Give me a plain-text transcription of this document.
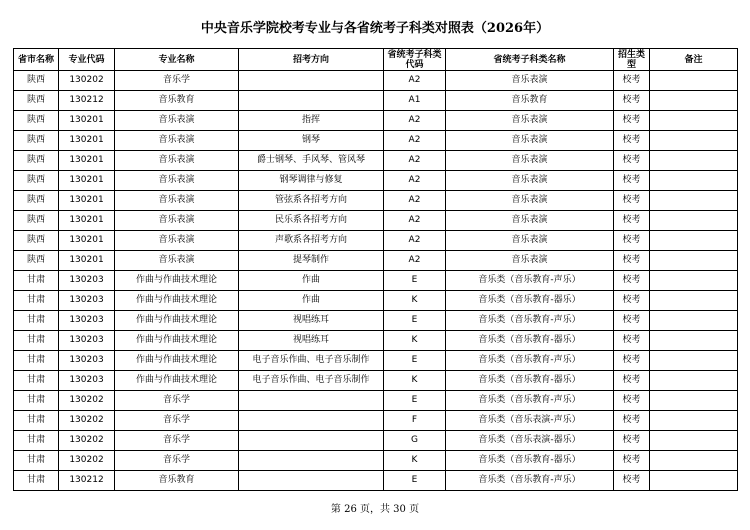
中央音乐学院校考专业与各省统考子科类对照表（2026年）
省市名称	专业代码	专业名称	招考方向	省统考子科类代码	省统考子科类名称	招生类型	备注
陕西	130202	音乐学		A2	音乐表演	校考	
陕西	130212	音乐教育		A1	音乐教育	校考	
陕西	130201	音乐表演	指挥	A2	音乐表演	校考	
陕西	130201	音乐表演	钢琴	A2	音乐表演	校考	
陕西	130201	音乐表演	爵士钢琴、手风琴、管风琴	A2	音乐表演	校考	
陕西	130201	音乐表演	钢琴调律与修复	A2	音乐表演	校考	
陕西	130201	音乐表演	管弦系各招考方向	A2	音乐表演	校考	
陕西	130201	音乐表演	民乐系各招考方向	A2	音乐表演	校考	
陕西	130201	音乐表演	声歌系各招考方向	A2	音乐表演	校考	
陕西	130201	音乐表演	提琴制作	A2	音乐表演	校考	
甘肃	130203	作曲与作曲技术理论	作曲	E	音乐类（音乐教育-声乐）	校考	
甘肃	130203	作曲与作曲技术理论	作曲	K	音乐类（音乐教育-器乐）	校考	
甘肃	130203	作曲与作曲技术理论	视唱练耳	E	音乐类（音乐教育-声乐）	校考	
甘肃	130203	作曲与作曲技术理论	视唱练耳	K	音乐类（音乐教育-器乐）	校考	
甘肃	130203	作曲与作曲技术理论	电子音乐作曲、电子音乐制作	E	音乐类（音乐教育-声乐）	校考	
甘肃	130203	作曲与作曲技术理论	电子音乐作曲、电子音乐制作	K	音乐类（音乐教育-器乐）	校考	
甘肃	130202	音乐学		E	音乐类（音乐教育-声乐）	校考	
甘肃	130202	音乐学		F	音乐类（音乐表演-声乐）	校考	
甘肃	130202	音乐学		G	音乐类（音乐表演-器乐）	校考	
甘肃	130202	音乐学		K	音乐类（音乐教育-器乐）	校考	
甘肃	130212	音乐教育		E	音乐类（音乐教育-声乐）	校考	
第 26 页，共 30 页
